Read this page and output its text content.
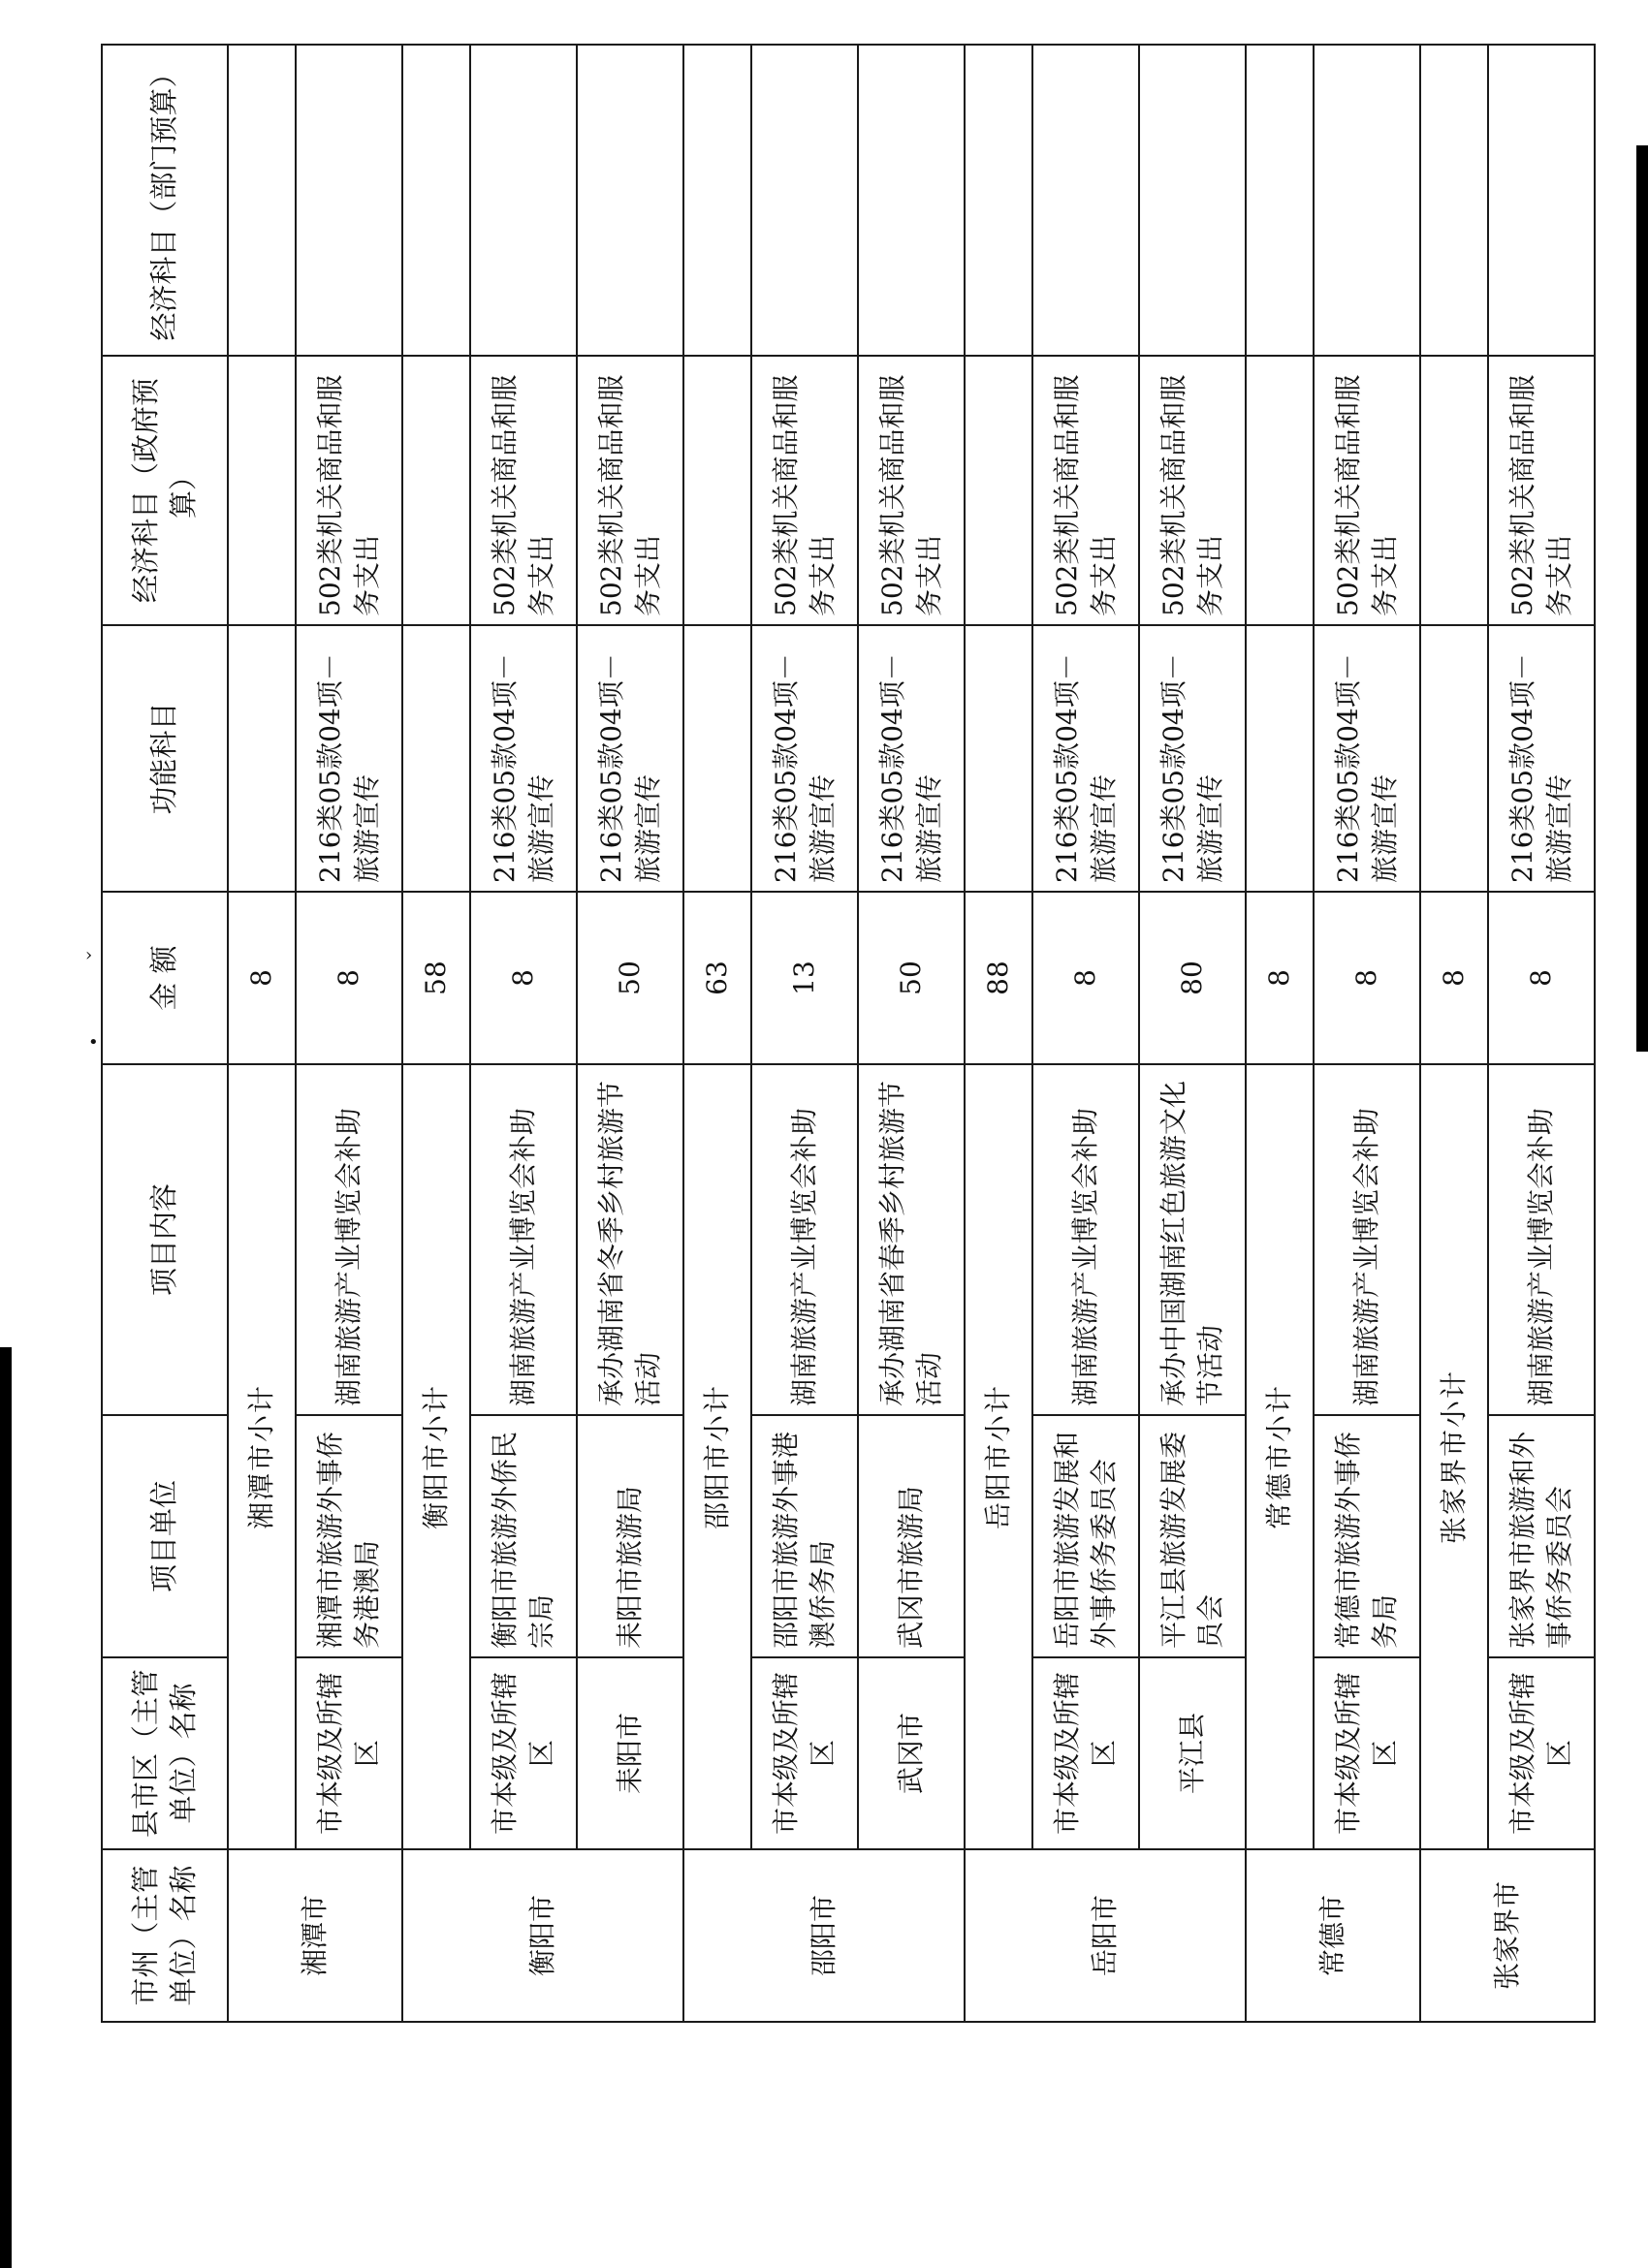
•
›
市州（主管单位）名称	县市区（主管单位）名称	项目单位	项目内容	金 额	功能科目	经济科目（政府预算）	经济科目（部门预算）
湘潭市	湘潭市小计			8			
	市本级及所辖区	湘潭市旅游外事侨务港澳局	湖南旅游产业博览会补助	8	216类05款04项－旅游宣传	502类机关商品和服务支出	
衡阳市	衡阳市小计			58			
	市本级及所辖区	衡阳市旅游外侨民宗局	湖南旅游产业博览会补助	8	216类05款04项－旅游宣传	502类机关商品和服务支出	
	耒阳市	耒阳市旅游局	承办湖南省冬季乡村旅游节活动	50	216类05款04项－旅游宣传	502类机关商品和服务支出	
邵阳市	邵阳市小计			63			
	市本级及所辖区	邵阳市旅游外事港澳侨务局	湖南旅游产业博览会补助	13	216类05款04项－旅游宣传	502类机关商品和服务支出	
	武冈市	武冈市旅游局	承办湖南省春季乡村旅游节活动	50	216类05款04项－旅游宣传	502类机关商品和服务支出	
岳阳市	岳阳市小计			88			
	市本级及所辖区	岳阳市旅游发展和外事侨务委员会	湖南旅游产业博览会补助	8	216类05款04项－旅游宣传	502类机关商品和服务支出	
	平江县	平江县旅游发展委员会	承办中国湖南红色旅游文化节活动	80	216类05款04项－旅游宣传	502类机关商品和服务支出	
常德市	常德市小计			8			
	市本级及所辖区	常德市旅游外事侨务局	湖南旅游产业博览会补助	8	216类05款04项－旅游宣传	502类机关商品和服务支出	
张家界市	张家界市小计			8			
	市本级及所辖区	张家界市旅游和外事侨务委员会	湖南旅游产业博览会补助	8	216类05款04项－旅游宣传	502类机关商品和服务支出	
